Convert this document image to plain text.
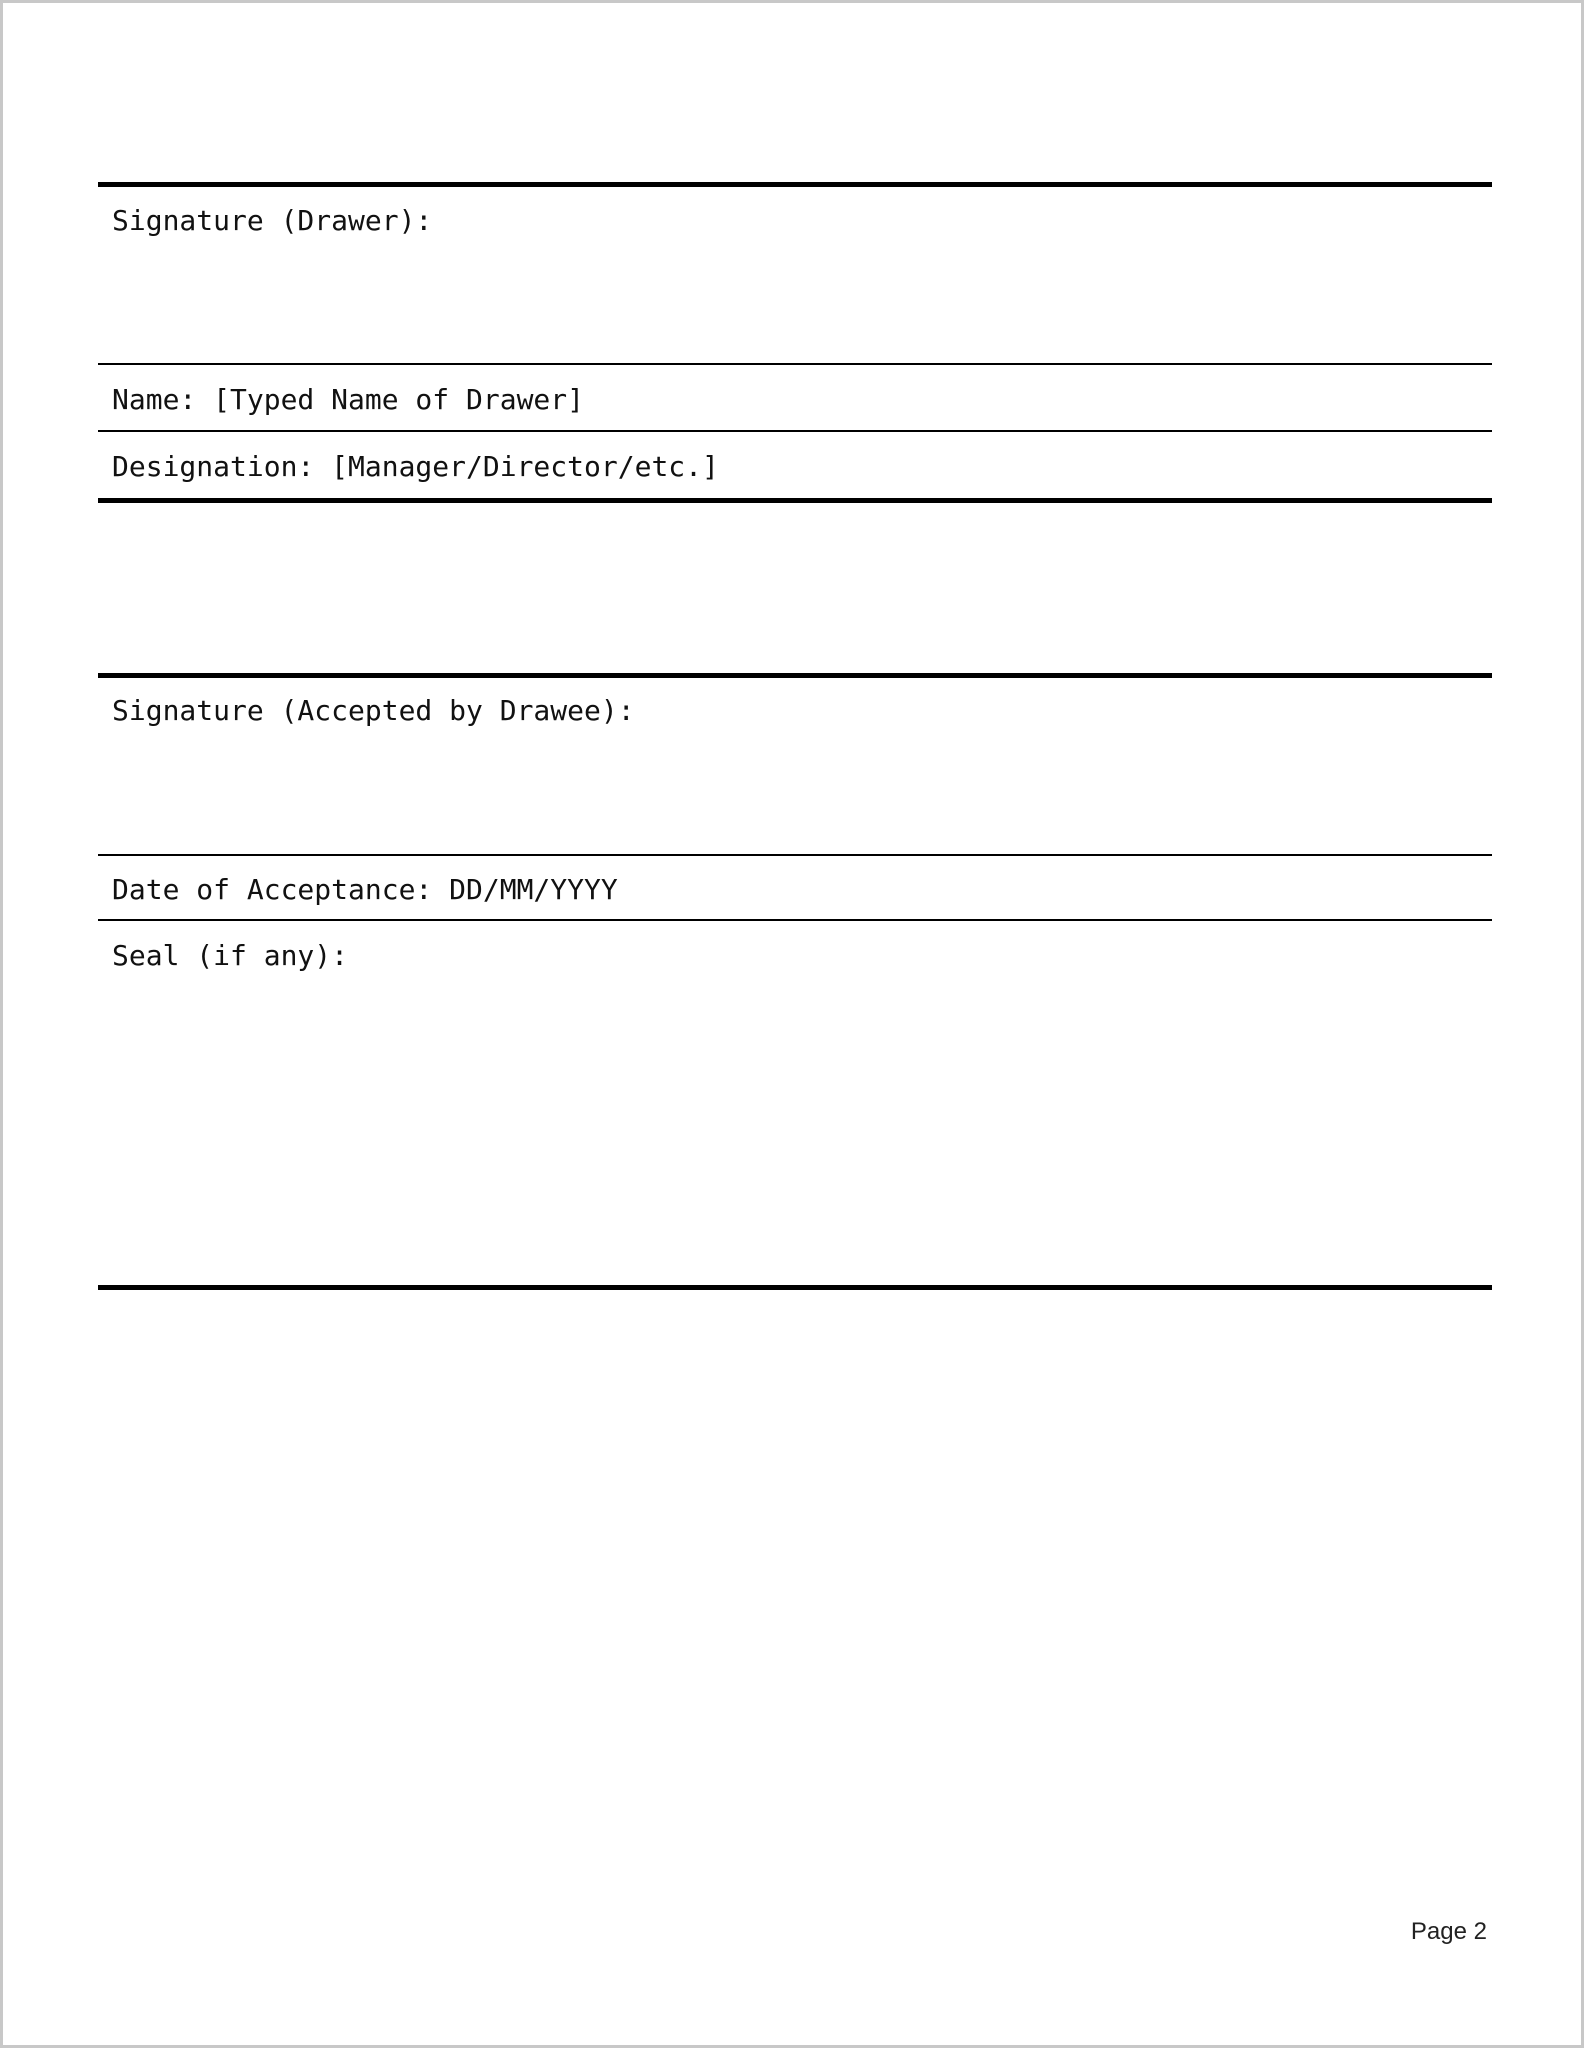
Signature (Drawer):
Name: [Typed Name of Drawer]
Designation: [Manager/Director/etc.]
Signature (Accepted by Drawee):
Date of Acceptance: DD/MM/YYYY
Seal (if any):
Page 2
